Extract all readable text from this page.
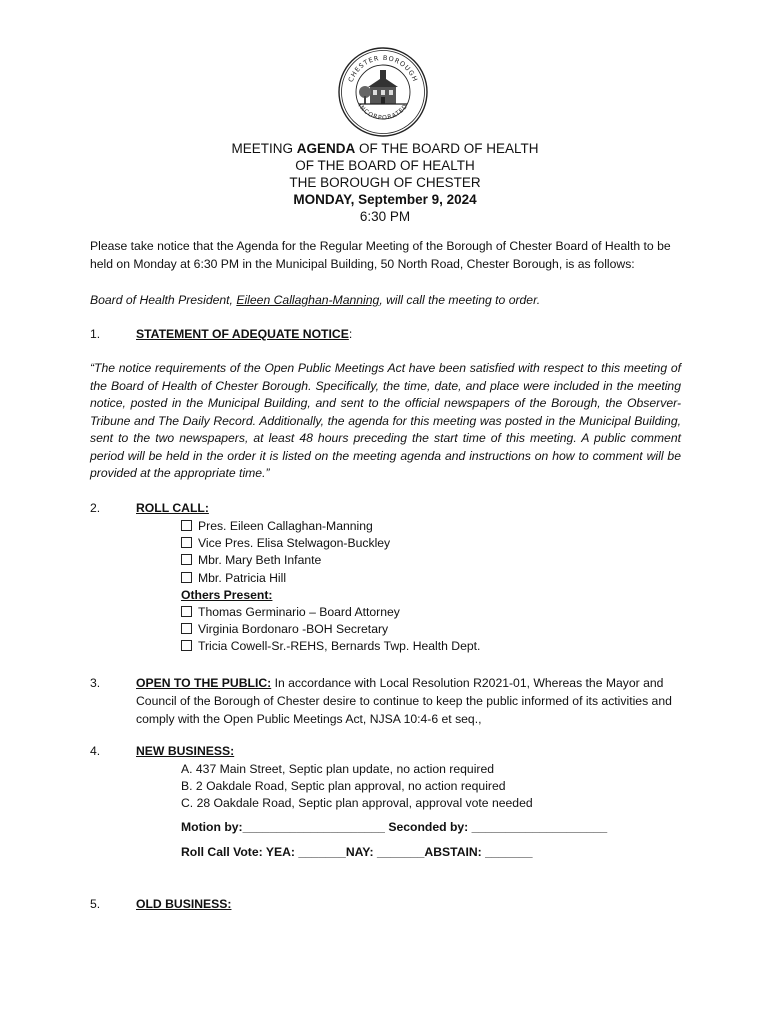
CHESTER BOROUGH
INCORPORATED
MEETING AGENDA OF THE BOARD OF HEALTH
OF THE BOARD OF HEALTH
THE BOROUGH OF CHESTER
MONDAY, September 9, 2024
6:30 PM
Please take notice that the Agenda for the Regular Meeting of the Borough of Chester Board of Health to be held on Monday at 6:30 PM in the Municipal Building, 50 North Road, Chester Borough, is as follows:
Board of Health President, Eileen Callaghan-Manning, will call the meeting to order.
1.	STATEMENT OF ADEQUATE NOTICE:
“The notice requirements of the Open Public Meetings Act have been satisfied with respect to this meeting of the Board of Health of Chester Borough. Specifically, the time, date, and place were included in the meeting notice, posted in the Municipal Building, and sent to the official newspapers of the Borough, the Observer-Tribune and The Daily Record. Additionally, the agenda for this meeting was posted in the Municipal Building, sent to the two newspapers, at least 48 hours preceding the start time of this meeting. A public comment period will be held in the order it is listed on the meeting agenda and instructions on how to comment will be provided at the appropriate time.”
2.	ROLL CALL:
Pres. Eileen Callaghan-Manning
Vice Pres. Elisa Stelwagon-Buckley
Mbr. Mary Beth Infante
Mbr. Patricia Hill
Others Present:
Thomas Germinario – Board Attorney
Virginia Bordonaro -BOH Secretary
Tricia Cowell-Sr.-REHS, Bernards Twp. Health Dept.
3.	OPEN TO THE PUBLIC: In accordance with Local Resolution R2021-01, Whereas the Mayor and Council of the Borough of Chester desire to continue to keep the public informed of its activities and comply with the Open Public Meetings Act, NJSA 10:4-6 et seq.,
4.	NEW BUSINESS:
A. 437 Main Street, Septic plan update, no action required
B. 2 Oakdale Road, Septic plan approval, no action required
C. 28 Oakdale Road, Septic plan approval, approval vote needed
Motion by:_____________________ Seconded by: ____________________
Roll Call Vote: YEA: _______NAY: _______ABSTAIN: _______
5.	OLD BUSINESS:
